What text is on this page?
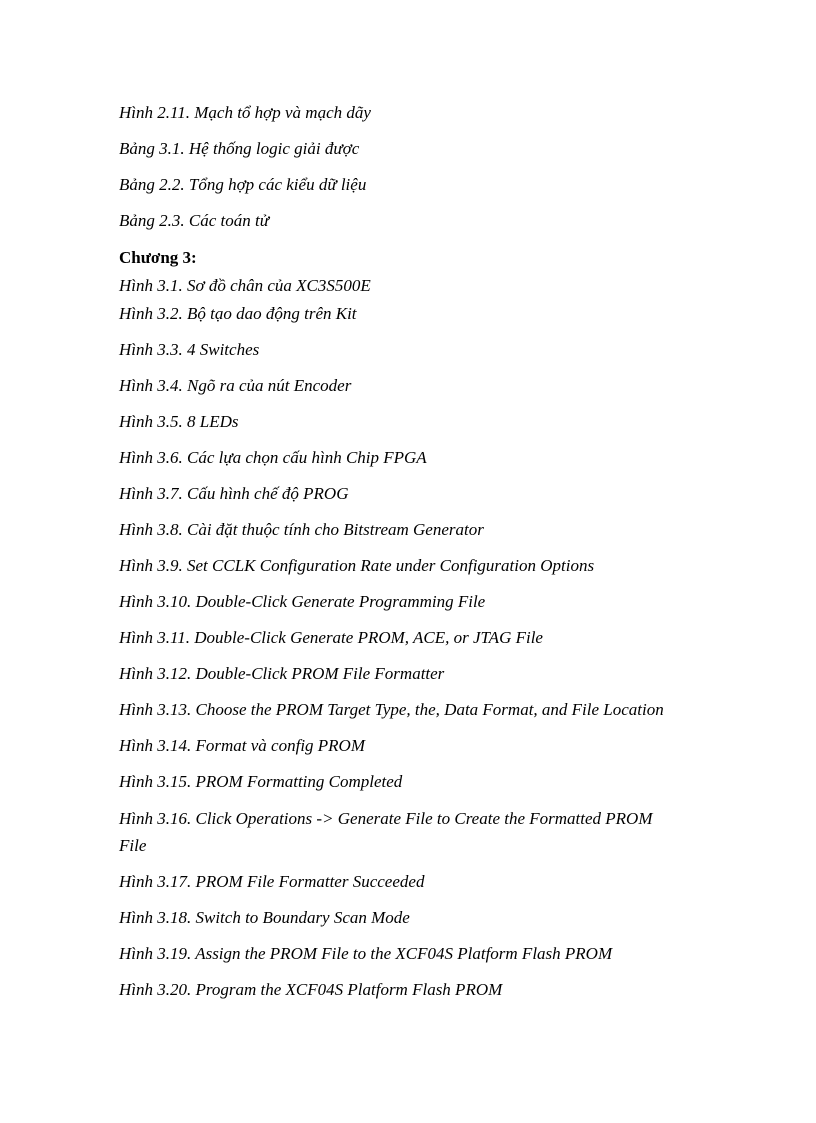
Hình 2.11. Mạch tổ hợp và mạch dãy
Bảng 3.1. Hệ thống logic giải được
Bảng 2.2. Tổng hợp các kiểu dữ liệu
Bảng 2.3. Các toán tử
Chương 3:
Hình 3.1. Sơ đồ chân của XC3S500E
Hình 3.2. Bộ tạo dao động trên Kit
Hình 3.3. 4 Switches
Hình 3.4. Ngõ ra của nút Encoder
Hình 3.5. 8 LEDs
Hình 3.6. Các lựa chọn cấu hình Chip FPGA
Hình 3.7. Cấu hình chế độ PROG
Hình 3.8. Cài đặt thuộc tính cho Bitstream Generator
Hình 3.9. Set CCLK Configuration Rate under Configuration Options
Hình 3.10. Double-Click Generate Programming File
Hình 3.11. Double-Click Generate PROM, ACE, or JTAG File
Hình 3.12. Double-Click PROM File Formatter
Hình 3.13. Choose the PROM Target Type, the, Data Format, and File Location
Hình 3.14. Format và config PROM
Hình 3.15. PROM Formatting Completed
Hình 3.16. Click Operations -> Generate File to Create the Formatted PROM File
Hình 3.17. PROM File Formatter Succeeded
Hình 3.18. Switch to Boundary Scan Mode
Hình 3.19. Assign the PROM File to the XCF04S Platform Flash PROM
Hình 3.20. Program the XCF04S Platform Flash PROM
